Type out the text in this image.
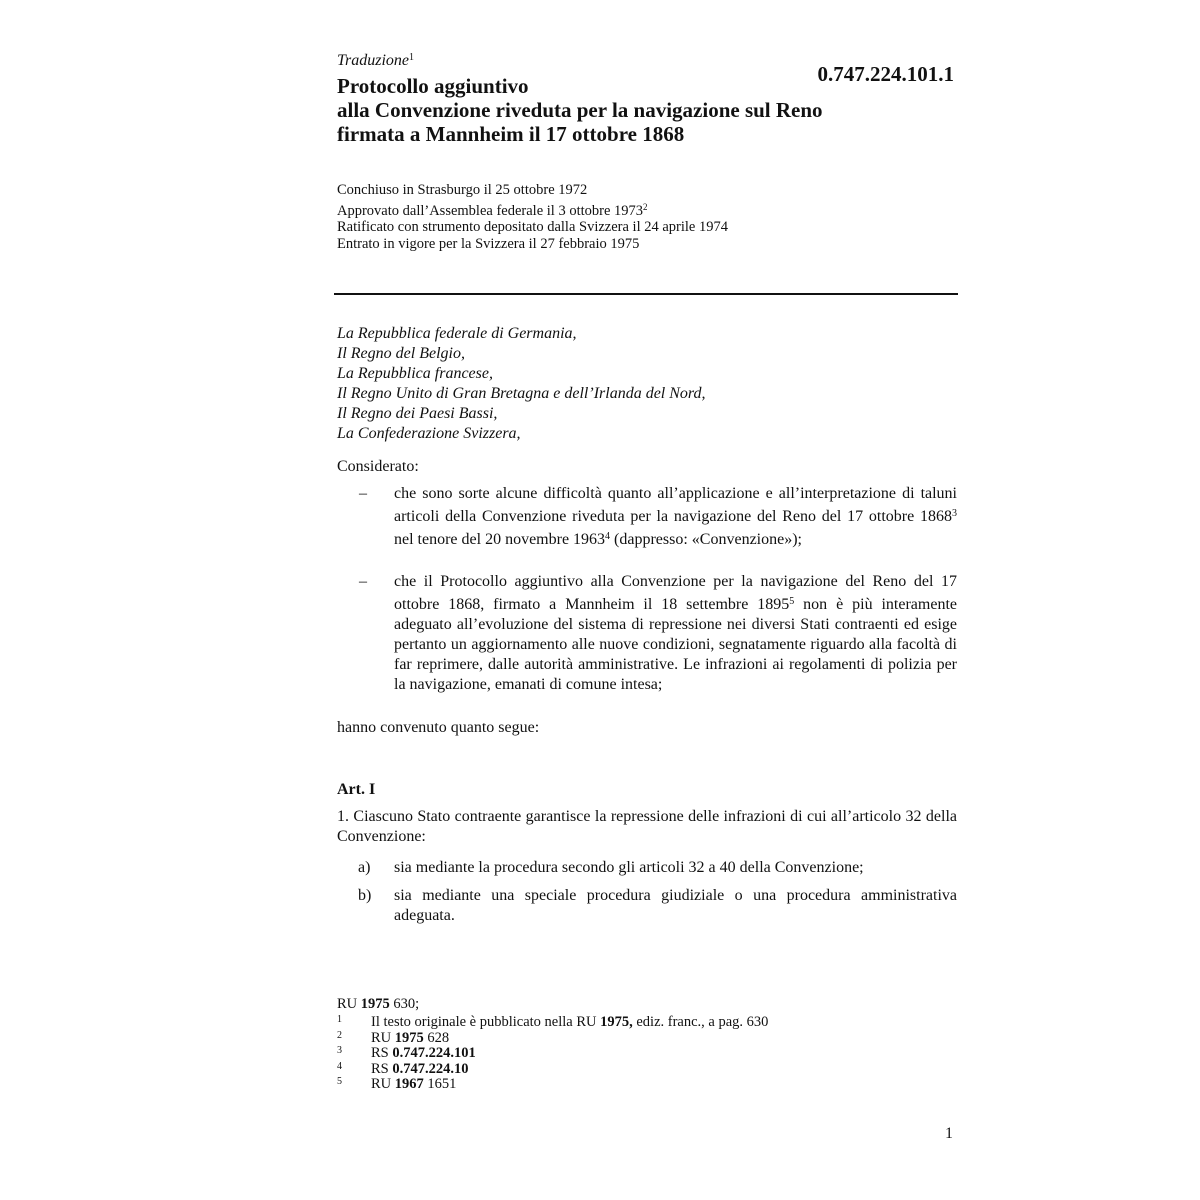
Traduzione$^1$
0.747.224.101.1
Protocollo aggiuntivo
alla Convenzione riveduta per la navigazione sul Reno
firmata a Mannheim il 17 ottobre 1868
Conchiuso in Strasburgo il 25 ottobre 1972
Approvato dall’Assemblea federale il 3 ottobre 1973$^2$
Ratificato con strumento depositato dalla Svizzera il 24 aprile 1974
Entrato in vigore per la Svizzera il 27 febbraio 1975
La Repubblica federale di Germania,
Il Regno del Belgio,
La Repubblica francese,
Il Regno Unito di Gran Bretagna e dell’Irlanda del Nord,
Il Regno dei Paesi Bassi,
La Confederazione Svizzera,
Considerato:
– che sono sorte alcune difficoltà quanto all’applicazione e all’interpretazione di taluni articoli della Convenzione riveduta per la navigazione del Reno del 17 ottobre 1868$^3$ nel tenore del 20 novembre 1963$^4$ (dappresso: «Convenzione»);
– che il Protocollo aggiuntivo alla Convenzione per la navigazione del Reno del 17 ottobre 1868, firmato a Mannheim il 18 settembre 1895$^5$ non è più interamente adeguato all’evoluzione del sistema di repressione nei diversi Stati contraenti ed esige pertanto un aggiornamento alle nuove condizioni, segnatamente riguardo alla facoltà di far reprimere, dalle autorità amministrative. Le infrazioni ai regolamenti di polizia per la navigazione, emanati di comune intesa;
hanno convenuto quanto segue:
Art. I
1. Ciascuno Stato contraente garantisce la repressione delle infrazioni di cui all’articolo 32 della Convenzione:
a) sia mediante la procedura secondo gli articoli 32 a 40 della Convenzione;
b) sia mediante una speciale procedura giudiziale o una procedura amministrativa adeguata.
RU 1975 630;
1 Il testo originale è pubblicato nella RU 1975, ediz. franc., a pag. 630
2 RU 1975 628
3 RS 0.747.224.101
4 RS 0.747.224.10
5 RU 1967 1651
1
